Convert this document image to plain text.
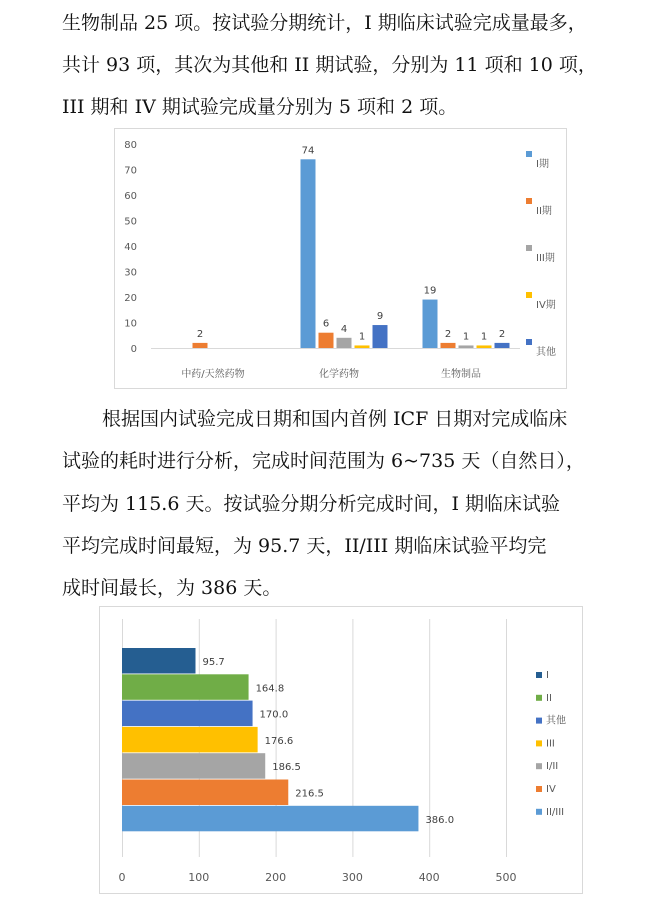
生物制品 25 项。按试验分期统计，I 期临床试验完成量最多，
共计 93 项，其次为其他和 II 期试验，分别为 11 项和 10 项，
III 期和 IV 期试验完成量分别为 5 项和 2 项。
0
10
20
30
40
50
60
70
80
中药/天然药物
2
化学药物
74
6 4
1
9
生物制品
19
2 1 1 2
I期
II期
III期
IV期
其他
根据国内试验完成日期和国内首例 ICF 日期对完成临床
试验的耗时进行分析，完成时间范围为 6~735 天（自然日），
平均为 115.6 天。按试验分期分析完成时间，I 期临床试验
平均完成时间最短，为 95.7 天，II/III 期临床试验平均完
成时间最长，为 386 天。
0	100	200	300	400	500
95.7
164.8
170.0
176.6
186.5
216.5
386.0
I
II
其他
III
I/II
IV
II/III
